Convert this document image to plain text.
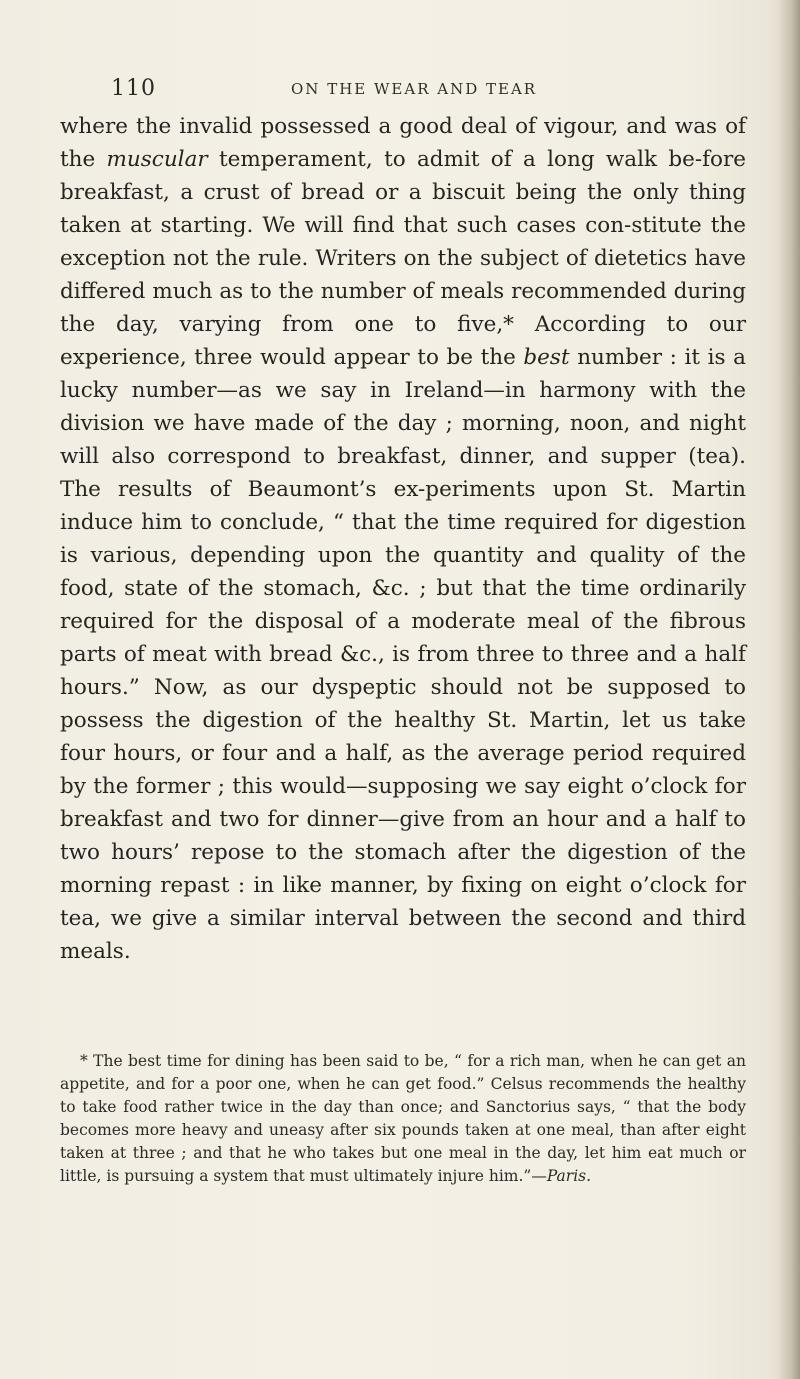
110	ON THE WEAR AND TEAR

where the invalid possessed a good deal of vigour, and was of the muscular temperament, to admit of a long walk be-fore breakfast, a crust of bread or a biscuit being the only thing taken at starting. We will find that such cases con-stitute the exception not the rule. Writers on the subject of dietetics have differed much as to the number of meals recommended during the day, varying from one to five,* According to our experience, three would appear to be the best number : it is a lucky number—as we say in Ireland—in harmony with the division we have made of the day ; morning, noon, and night will also correspond to breakfast, dinner, and supper (tea). The results of Beaumont’s ex-periments upon St. Martin induce him to conclude, “ that the time required for digestion is various, depending upon the quantity and quality of the food, state of the stomach, &c. ; but that the time ordinarily required for the disposal of a moderate meal of the fibrous parts of meat with bread &c., is from three to three and a half hours.” Now, as our dyspeptic should not be supposed to possess the digestion of the healthy St. Martin, let us take four hours, or four and a half, as the average period required by the former ; this would—supposing we say eight o’clock for breakfast and two for dinner—give from an hour and a half to two hours’ repose to the stomach after the digestion of the morning repast : in like manner, by fixing on eight o’clock for tea, we give a similar interval between the second and third meals.

* The best time for dining has been said to be, “ for a rich man, when he can get an appetite, and for a poor one, when he can get food.” Celsus recommends the healthy to take food rather twice in the day than once; and Sanctorius says, “ that the body becomes more heavy and uneasy after six pounds taken at one meal, than after eight taken at three ; and that he who takes but one meal in the day, let him eat much or little, is pursuing a system that must ultimately injure him.”—Paris.
